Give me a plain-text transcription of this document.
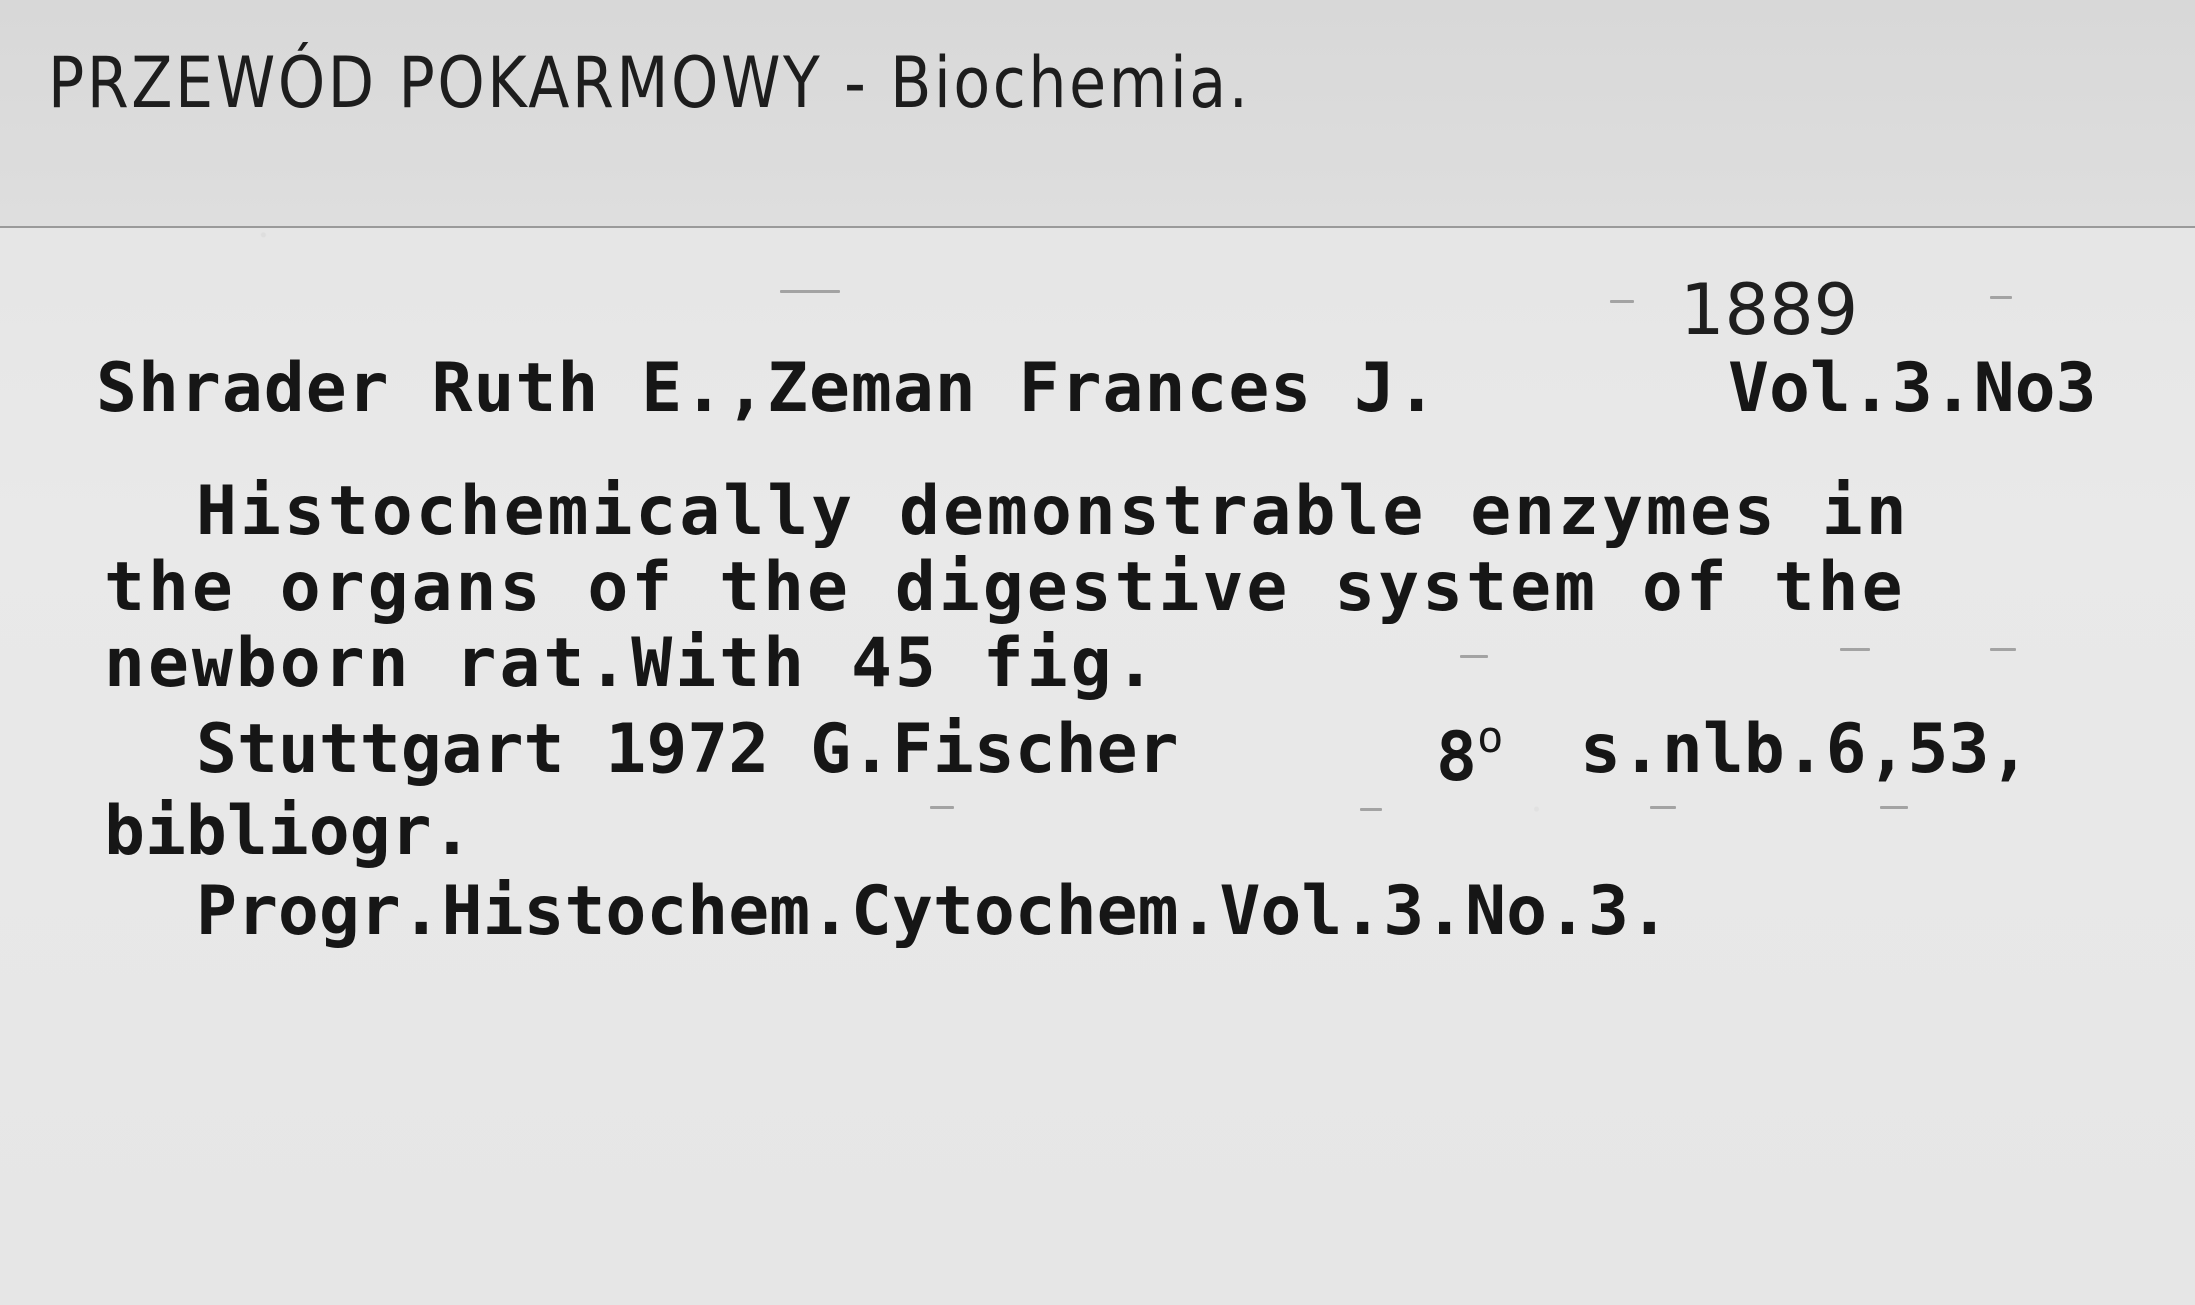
PRZEWÓD POKARMOWY - Biochemia.
1889
Shrader Ruth E.,Zeman Frances J.	Vol.3.No3
Histochemically demonstrable enzymes in
the organs of the digestive system of the
newborn rat.With 45 fig.
Stuttgart 1972 G.Fischer	8$^o$ s.nlb.6,53,
bibliogr.
Progr.Histochem.Cytochem.Vol.3.No.3.
